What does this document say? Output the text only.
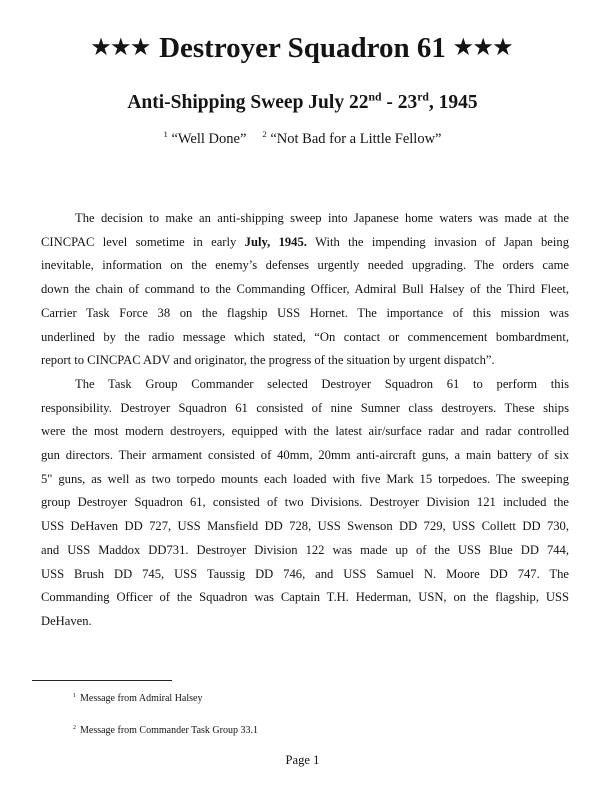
★★★ Destroyer Squadron 61 ★★★
Anti-Shipping Sweep July 22nd - 23rd, 1945
$^1$ “Well Done” $^2$ “Not Bad for a Little Fellow”
The decision to make an anti-shipping sweep into Japanese home waters was made at the
CINCPAC level sometime in early July, 1945. With the impending invasion of Japan being
inevitable, information on the enemy’s defenses urgently needed upgrading. The orders came
down the chain of command to the Commanding Officer, Admiral Bull Halsey of the Third Fleet,
Carrier Task Force 38 on the flagship USS Hornet. The importance of this mission was
underlined by the radio message which stated, “On contact or commencement bombardment,
report to CINCPAC ADV and originator, the progress of the situation by urgent dispatch”.
The Task Group Commander selected Destroyer Squadron 61 to perform this
responsibility. Destroyer Squadron 61 consisted of nine Sumner class destroyers. These ships
were the most modern destroyers, equipped with the latest air/surface radar and radar controlled
gun directors. Their armament consisted of 40mm, 20mm anti-aircraft guns, a main battery of six
5" guns, as well as two torpedo mounts each loaded with five Mark 15 torpedoes. The sweeping
group Destroyer Squadron 61, consisted of two Divisions. Destroyer Division 121 included the
USS DeHaven DD 727, USS Mansfield DD 728, USS Swenson DD 729, USS Collett DD 730,
and USS Maddox DD731. Destroyer Division 122 was made up of the USS Blue DD 744,
USS Brush DD 745, USS Taussig DD 746, and USS Samuel N. Moore DD 747. The
Commanding Officer of the Squadron was Captain T.H. Hederman, USN, on the flagship, USS
DeHaven.
$^1$ Message from Admiral Halsey
$^2$ Message from Commander Task Group 33.1
Page 1
